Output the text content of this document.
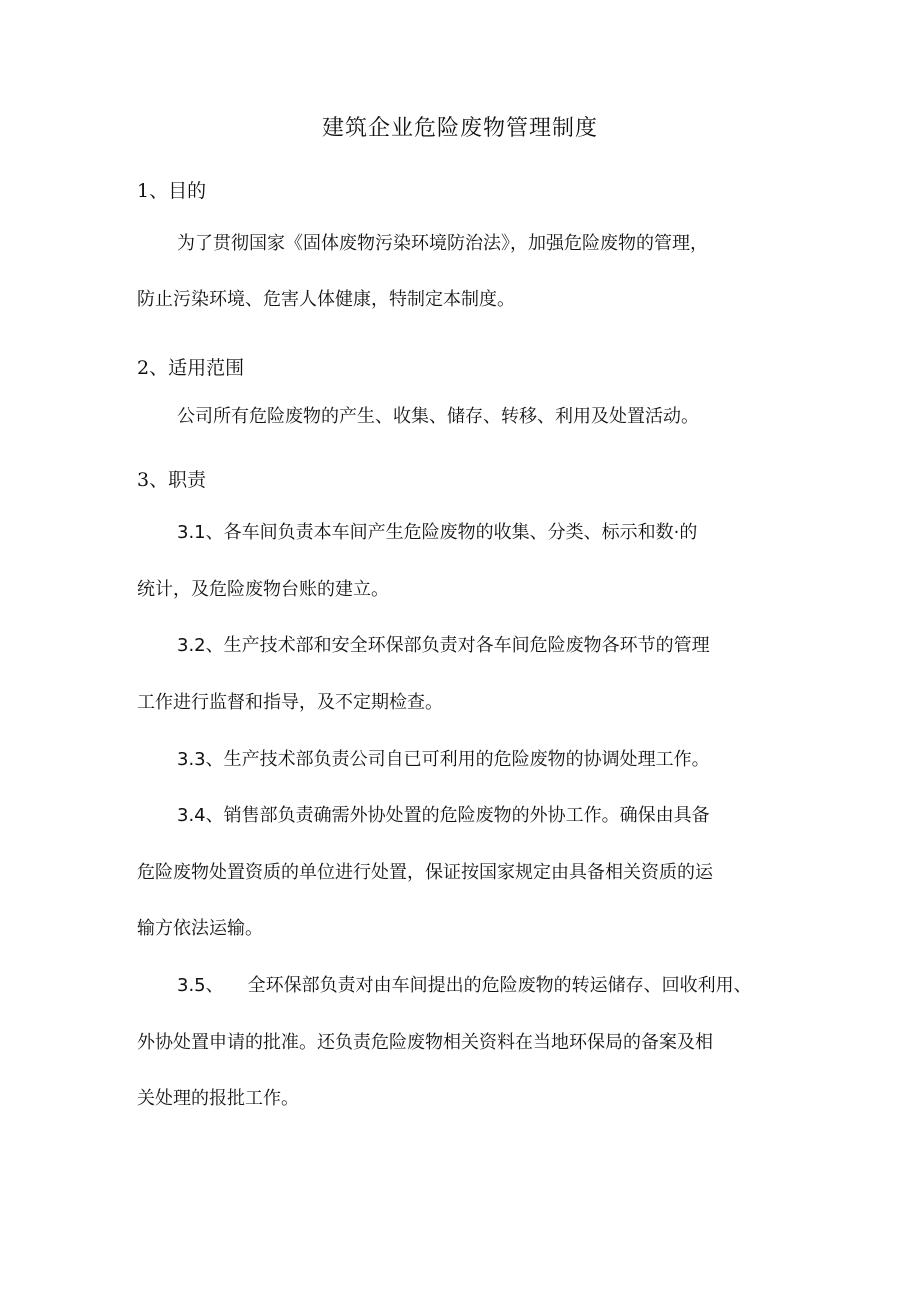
建筑企业危险废物管理制度
1、目的
为了贯彻国家《固体废物污染环境防治法》，加强危险废物的管理，
防止污染环境、危害人体健康，特制定本制度。
2、适用范围
公司所有危险废物的产生、收集、储存、转移、利用及处置活动。
3、职责
3.1、各车间负责本车间产生危险废物的收集、分类、标示和数·的
统计，及危险废物台账的建立。
3.2、生产技术部和安全环保部负责对各车间危险废物各环节的管理
工作进行监督和指导，及不定期检查。
3.3、生产技术部负责公司自已可利用的危险废物的协调处理工作。
3.4、销售部负责确需外协处置的危险废物的外协工作。确保由具备
危险废物处置资质的单位进行处置，保证按国家规定由具备相关资质的运
输方依法运输。
3.5、 全环保部负责对由车间提出的危险废物的转运储存、回收利用、
外协处置申请的批准。还负责危险废物相关资料在当地环保局的备案及相
关处理的报批工作。
